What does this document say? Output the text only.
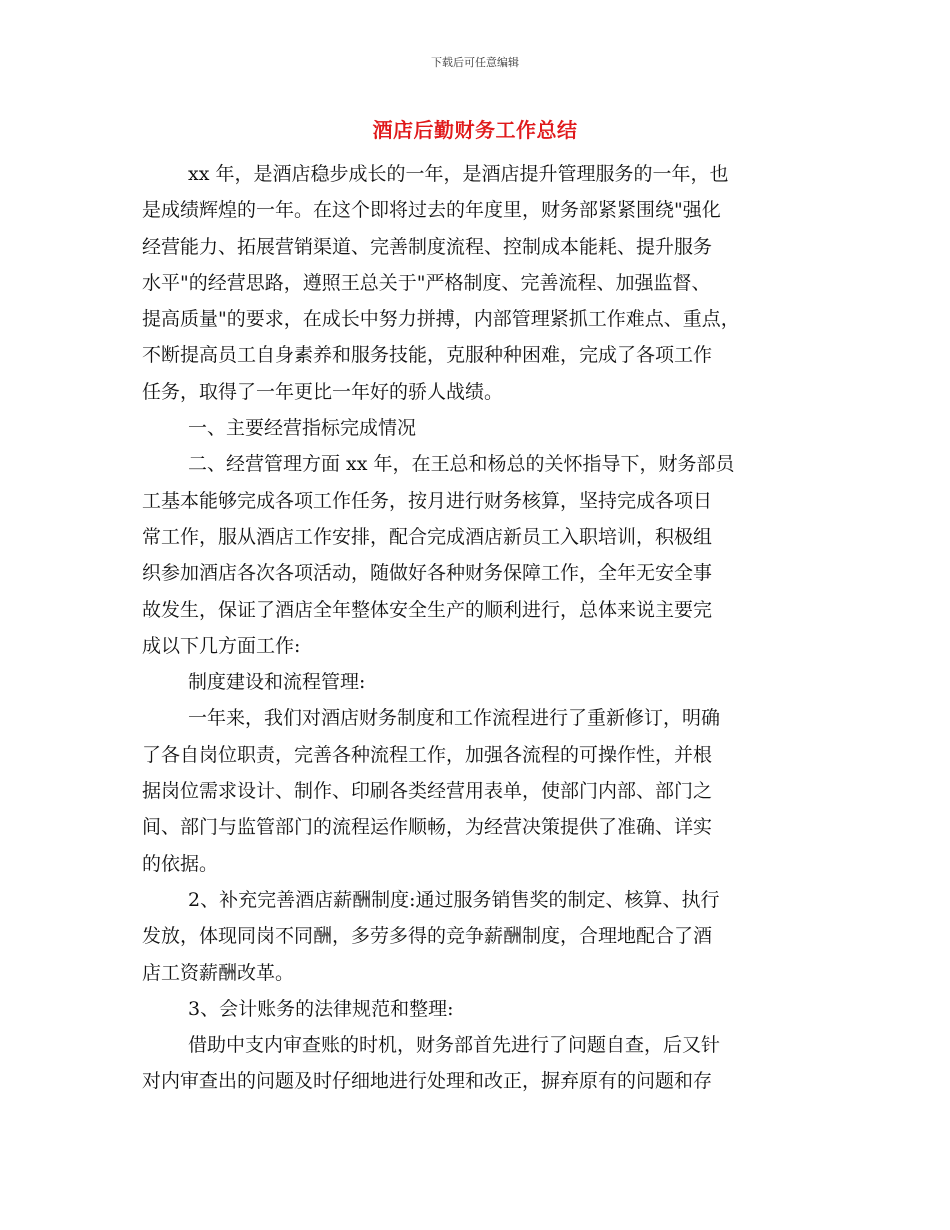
下载后可任意编辑
酒店后勤财务工作总结
xx 年，是酒店稳步成长的一年，是酒店提升管理服务的一年，也
是成绩辉煌的一年。在这个即将过去的年度里，财务部紧紧围绕"强化
经营能力、拓展营销渠道、完善制度流程、控制成本能耗、提升服务
水平"的经营思路，遵照王总关于"严格制度、完善流程、加强监督、
提高质量"的要求，在成长中努力拼搏，内部管理紧抓工作难点、重点，
不断提高员工自身素养和服务技能，克服种种困难，完成了各项工作
任务，取得了一年更比一年好的骄人战绩。
一、主要经营指标完成情况
二、经营管理方面 xx 年，在王总和杨总的关怀指导下，财务部员
工基本能够完成各项工作任务，按月进行财务核算，坚持完成各项日
常工作，服从酒店工作安排，配合完成酒店新员工入职培训，积极组
织参加酒店各次各项活动，随做好各种财务保障工作，全年无安全事
故发生，保证了酒店全年整体安全生产的顺利进行，总体来说主要完
成以下几方面工作:
制度建设和流程管理:
一年来，我们对酒店财务制度和工作流程进行了重新修订，明确
了各自岗位职责，完善各种流程工作，加强各流程的可操作性，并根
据岗位需求设计、制作、印刷各类经营用表单，使部门内部、部门之
间、部门与监管部门的流程运作顺畅，为经营决策提供了准确、详实
的依据。
2、补充完善酒店薪酬制度:通过服务销售奖的制定、核算、执行
发放，体现同岗不同酬，多劳多得的竞争薪酬制度，合理地配合了酒
店工资薪酬改革。
3、会计账务的法律规范和整理:
借助中支内审查账的时机，财务部首先进行了问题自查，后又针
对内审查出的问题及时仔细地进行处理和改正，摒弃原有的问题和存
